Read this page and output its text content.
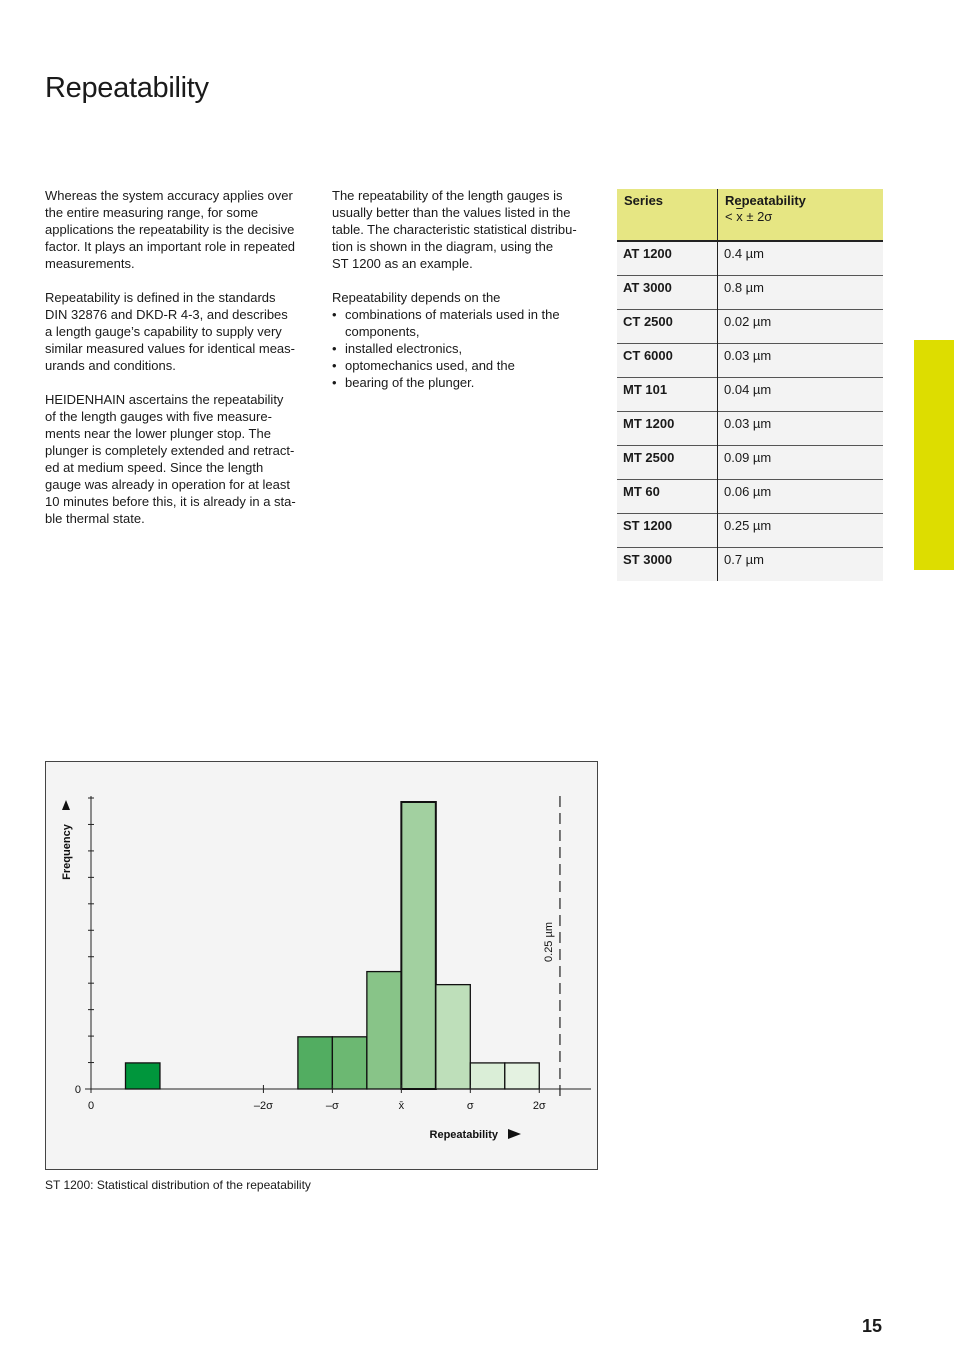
Repeatability

Whereas the system accuracy applies over
the entire measuring range, for some
applications the repeatability is the decisive
factor. It plays an important role in repeated
measurements.

Repeatability is defined in the standards
DIN 32876 and DKD-R 4-3, and describes
a length gauge’s capability to supply very
similar measured values for identical meas-
urands and conditions.

HEIDENHAIN ascertains the repeatability
of the length gauges with five measure-
ments near the lower plunger stop. The
plunger is completely extended and retract-
ed at medium speed. Since the length
gauge was already in operation for at least
10 minutes before this, it is already in a sta-
ble thermal state.

The repeatability of the length gauges is
usually better than the values listed in the
table. The characteristic statistical distribu-
tion is shown in the diagram, using the
ST 1200 as an example.

Repeatability depends on the

• combinations of materials used in the
components,
• installed electronics,
• optomechanics used, and the
• bearing of the plunger.
Series	Repeatability
< $\overline{x} \pm 2\sigma$
AT 1200	0.4 µm
AT 3000	0.8 µm
CT 2500	0.02 µm
CT 6000	0.03 µm
MT 101	0.04 µm
MT 1200	0.03 µm
MT 2500	0.09 µm
MT 60	0.06 µm
ST 1200	0.25 µm
ST 3000	0.7 µm
Frequency
Repeatability
0
0	–2σ	–σ	x̄	σ	2σ
0.25 µm
ST 1200: Statistical distribution of the repeatability
15
